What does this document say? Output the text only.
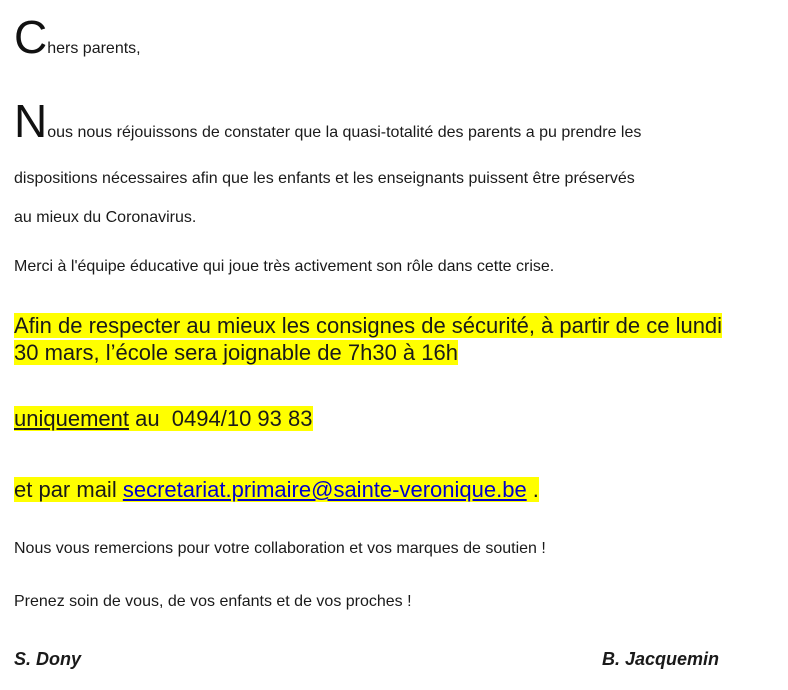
Chers parents,
Nous nous réjouissons de constater que la quasi-totalité des parents a pu prendre les
dispositions nécessaires afin que les enfants et les enseignants puissent être préservés
au mieux du Coronavirus.
Merci à l'équipe éducative qui joue très activement son rôle dans cette crise.
Afin de respecter au mieux les consignes de sécurité, à partir de ce lundi
30 mars, l’école sera joignable de 7h30 à 16h
uniquement au  0494/10 93 83
et par mail secretariat.primaire@sainte-veronique.be .
Nous vous remercions pour votre collaboration et vos marques de soutien !
Prenez soin de vous, de vos enfants et de vos proches !
S. Dony	B. Jacquemin
